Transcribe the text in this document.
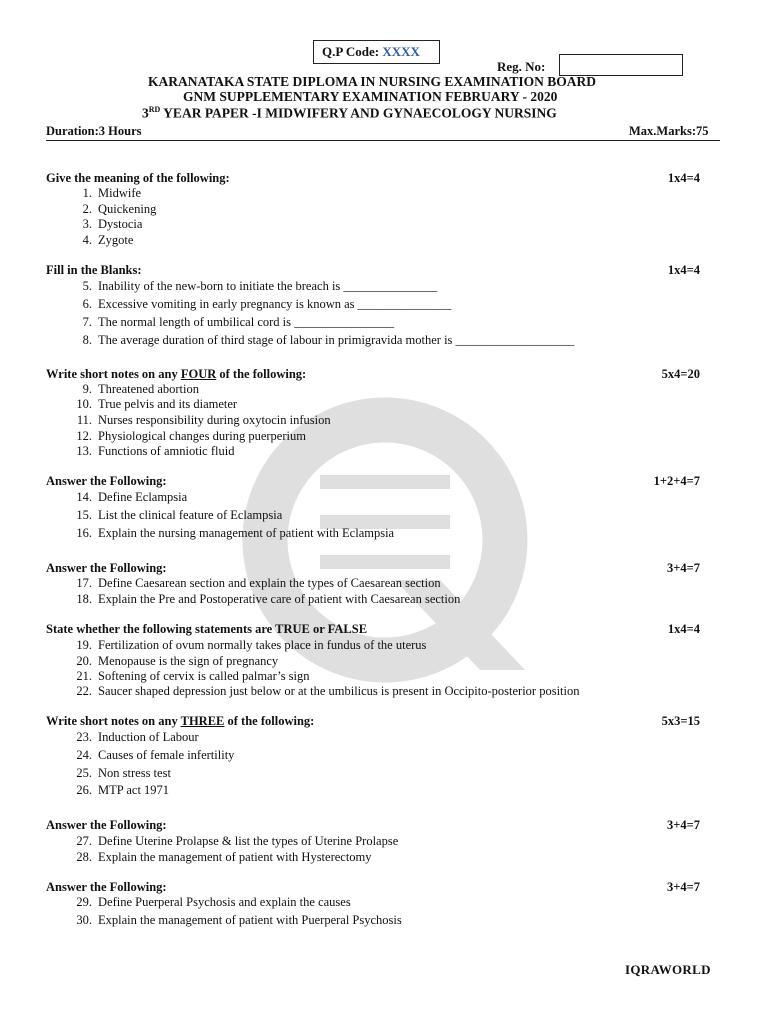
Q.P Code: XXXX
Reg. No:
KARANATAKA STATE DIPLOMA IN NURSING EXAMINATION BOARD
GNM SUPPLEMENTARY EXAMINATION FEBRUARY - 2020
3RD YEAR PAPER -I MIDWIFERY AND GYNAECOLOGY NURSING
Duration:3 Hours	Max.Marks:75
Give the meaning of the following:	1x4=4
1. Midwife
2. Quickening
3. Dystocia
4. Zygote
Fill in the Blanks:	1x4=4
5. Inability of the new-born to initiate the breach is _______________
6. Excessive vomiting in early pregnancy is known as _______________
7. The normal length of umbilical cord is ________________
8. The average duration of third stage of labour in primigravida mother is ___________________
Write short notes on any FOUR of the following:	5x4=20
9. Threatened abortion
10. True pelvis and its diameter
11. Nurses responsibility during oxytocin infusion
12. Physiological changes during puerperium
13. Functions of amniotic fluid
Answer the Following:	1+2+4=7
14. Define Eclampsia
15. List the clinical feature of Eclampsia
16. Explain the nursing management of patient with Eclampsia
Answer the Following:	3+4=7
17. Define Caesarean section and explain the types of Caesarean section
18. Explain the Pre and Postoperative care of patient with Caesarean section
State whether the following statements are TRUE or FALSE	1x4=4
19. Fertilization of ovum normally takes place in fundus of the uterus
20. Menopause is the sign of pregnancy
21. Softening of cervix is called palmar’s sign
22. Saucer shaped depression just below or at the umbilicus is present in Occipito-posterior position
Write short notes on any THREE of the following:	5x3=15
23. Induction of Labour
24. Causes of female infertility
25. Non stress test
26. MTP act 1971
Answer the Following:	3+4=7
27. Define Uterine Prolapse & list the types of Uterine Prolapse
28. Explain the management of patient with Hysterectomy
Answer the Following:	3+4=7
29. Define Puerperal Psychosis and explain the causes
30. Explain the management of patient with Puerperal Psychosis
IQRAWORLD
